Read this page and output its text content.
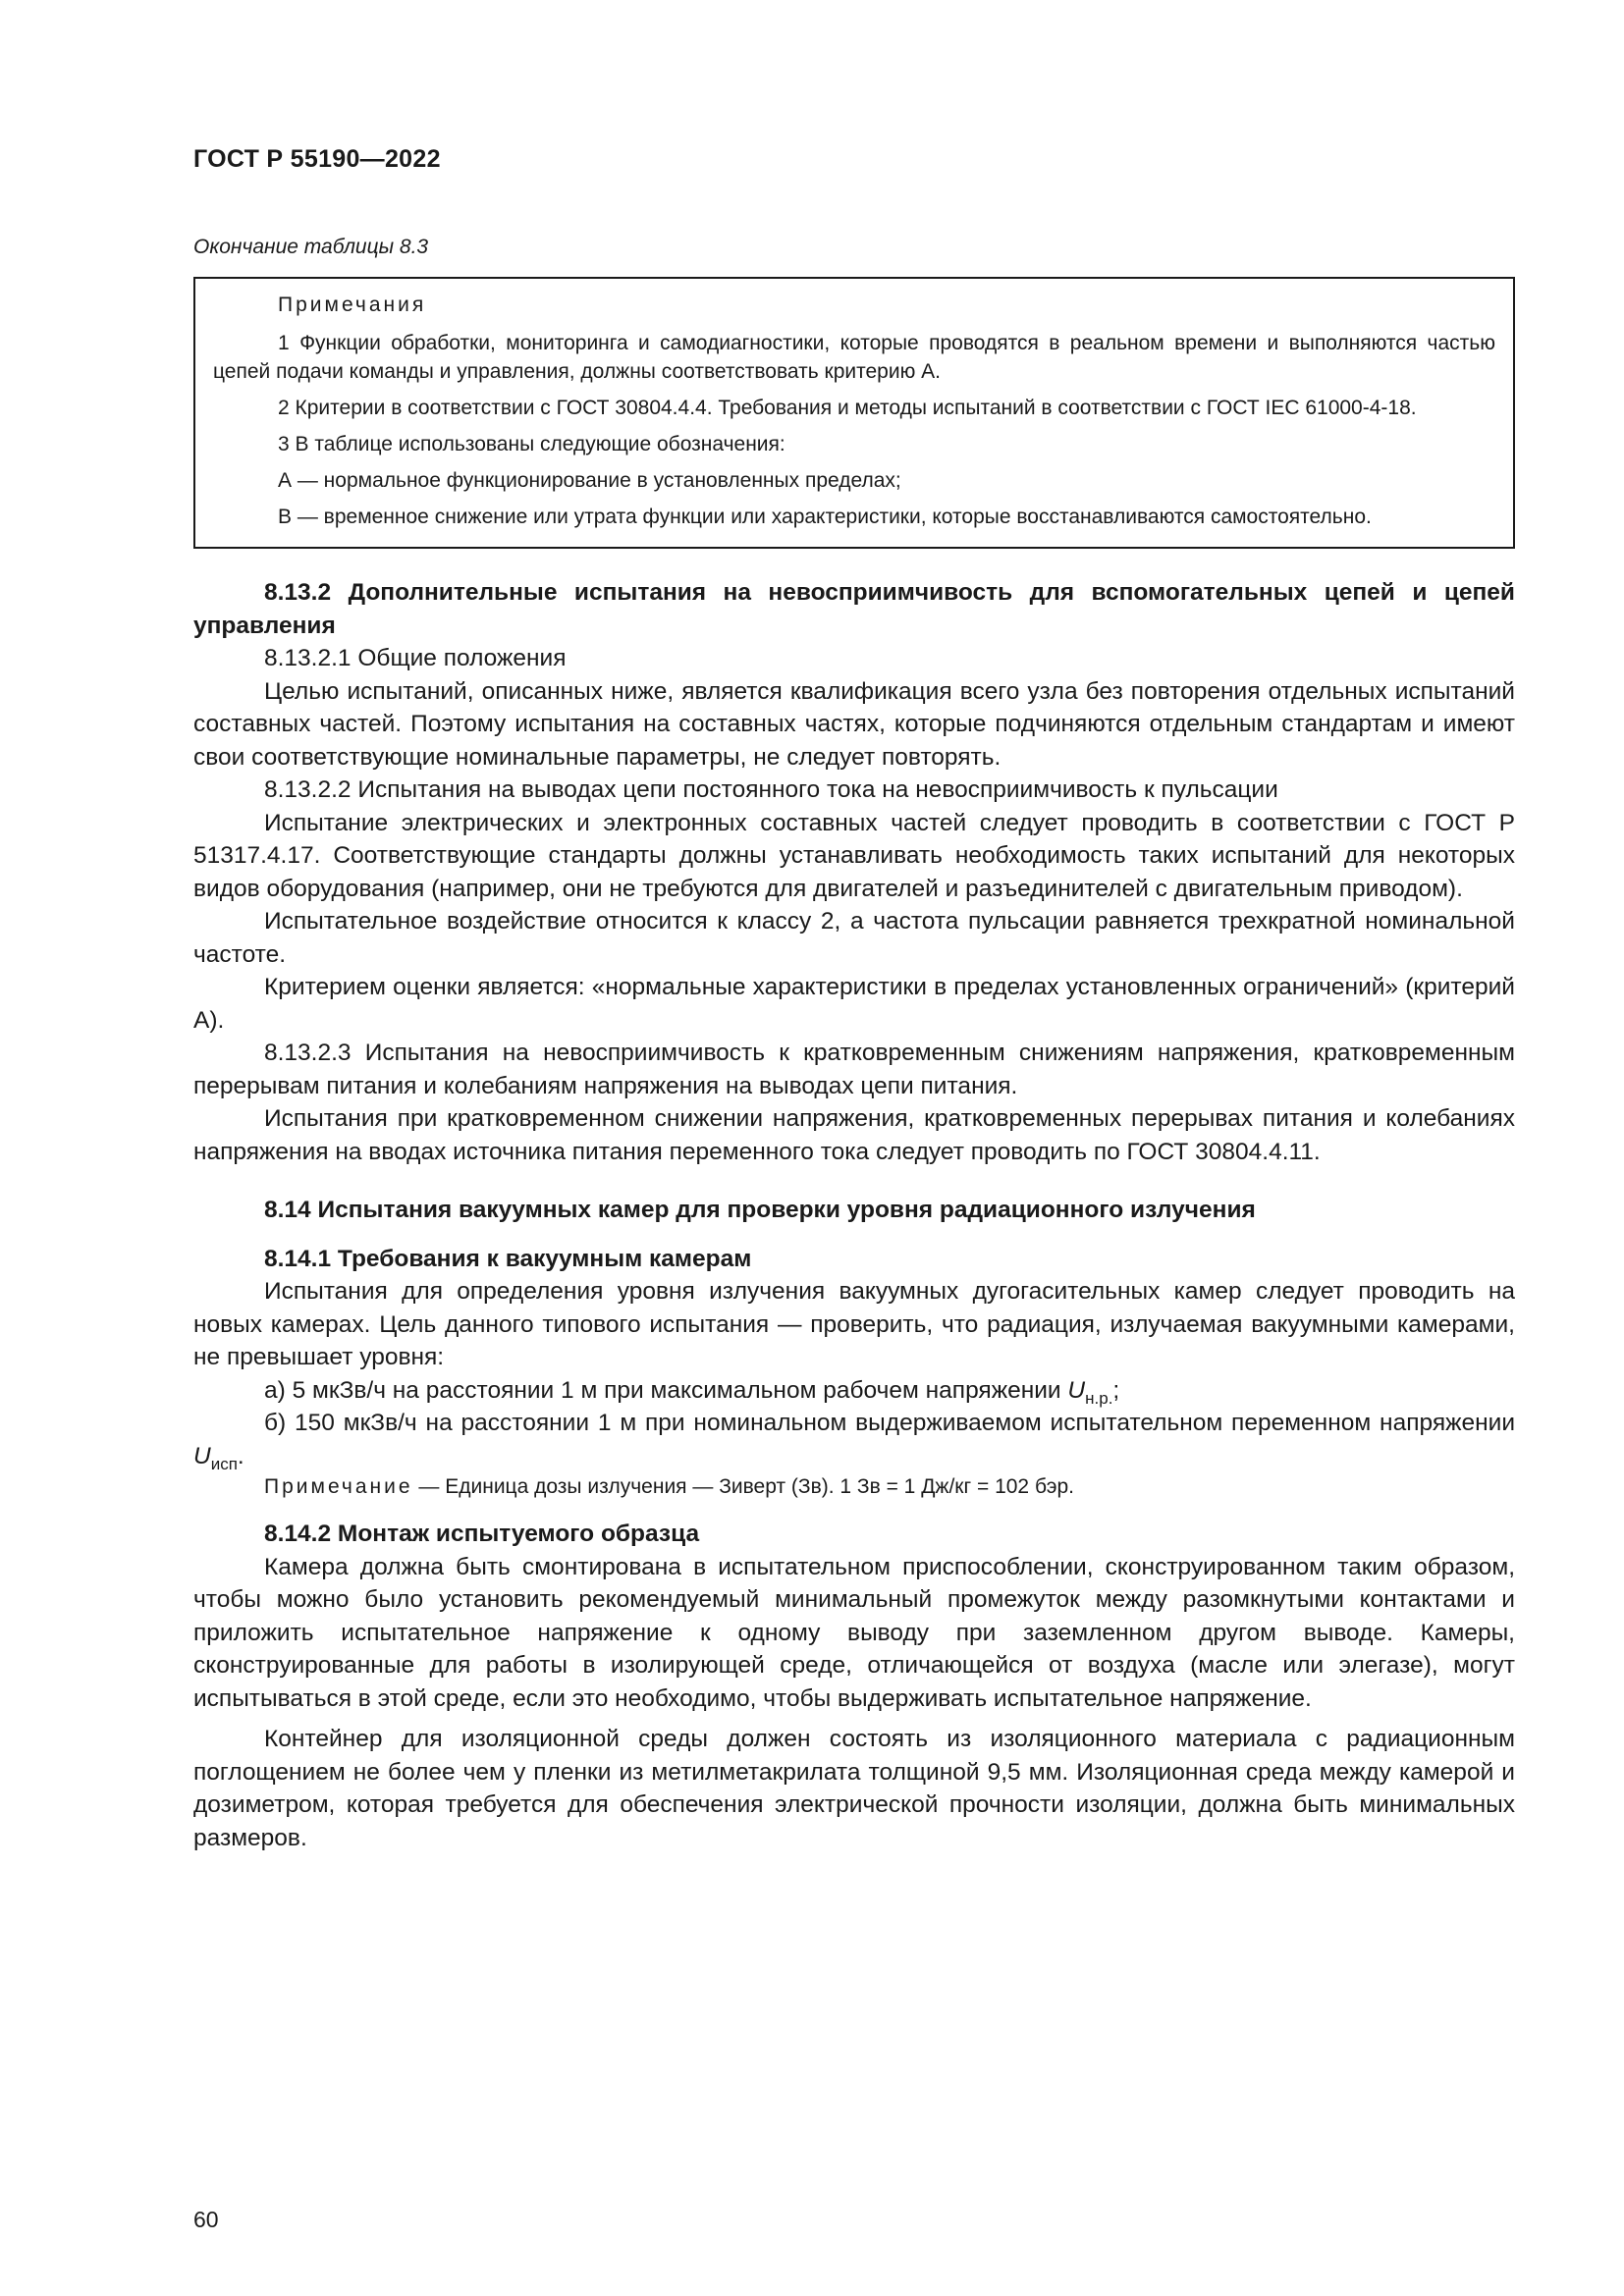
ГОСТ Р 55190—2022
Окончание таблицы 8.3

Примечания

1 Функции обработки, мониторинга и самодиагностики, которые проводятся в реальном времени и выполняются частью цепей подачи команды и управления, должны соответствовать критерию А.

2 Критерии в соответствии с ГОСТ 30804.4.4. Требования и методы испытаний в соответствии с ГОСТ IEC 61000-4-18.

3 В таблице использованы следующие обозначения:

А — нормальное функционирование в установленных пределах;

В — временное снижение или утрата функции или характеристики, которые восстанавливаются самостоятельно.

8.13.2 Дополнительные испытания на невосприимчивость для вспомогательных цепей и цепей управления

8.13.2.1 Общие положения

Целью испытаний, описанных ниже, является квалификация всего узла без повторения отдельных испытаний составных частей. Поэтому испытания на составных частях, которые подчиняются отдельным стандартам и имеют свои соответствующие номинальные параметры, не следует повторять.

8.13.2.2 Испытания на выводах цепи постоянного тока на невосприимчивость к пульсации

Испытание электрических и электронных составных частей следует проводить в соответствии с ГОСТ Р 51317.4.17. Соответствующие стандарты должны устанавливать необходимость таких испытаний для некоторых видов оборудования (например, они не требуются для двигателей и разъединителей с двигательным приводом).

Испытательное воздействие относится к классу 2, а частота пульсации равняется трехкратной номинальной частоте.

Критерием оценки является: «нормальные характеристики в пределах установленных ограничений» (критерий А).

8.13.2.3 Испытания на невосприимчивость к кратковременным снижениям напряжения, кратковременным перерывам питания и колебаниям напряжения на выводах цепи питания.

Испытания при кратковременном снижении напряжения, кратковременных перерывах питания и колебаниях напряжения на вводах источника питания переменного тока следует проводить по ГОСТ 30804.4.11.

8.14 Испытания вакуумных камер для проверки уровня радиационного излучения

8.14.1 Требования к вакуумным камерам

Испытания для определения уровня излучения вакуумных дугогасительных камер следует проводить на новых камерах. Цель данного типового испытания — проверить, что радиация, излучаемая вакуумными камерами, не превышает уровня:

а) 5 мкЗв/ч на расстоянии 1 м при максимальном рабочем напряжении $U_{н.р.}$;

б) 150 мкЗв/ч на расстоянии 1 м при номинальном выдерживаемом испытательном переменном напряжении $U_{исп}$.

Примечание — Единица дозы излучения — Зиверт (Зв). 1 Зв = 1 Дж/кг = 102 бэр.

8.14.2 Монтаж испытуемого образца

Камера должна быть смонтирована в испытательном приспособлении, сконструированном таким образом, чтобы можно было установить рекомендуемый минимальный промежуток между разомкнутыми контактами и приложить испытательное напряжение к одному выводу при заземленном другом выводе. Камеры, сконструированные для работы в изолирующей среде, отличающейся от воздуха (масле или элегазе), могут испытываться в этой среде, если это необходимо, чтобы выдерживать испытательное напряжение.

Контейнер для изоляционной среды должен состоять из изоляционного материала с радиационным поглощением не более чем у пленки из метилметакрилата толщиной 9,5 мм. Изоляционная среда между камерой и дозиметром, которая требуется для обеспечения электрической прочности изоляции, должна быть минимальных размеров.

60
